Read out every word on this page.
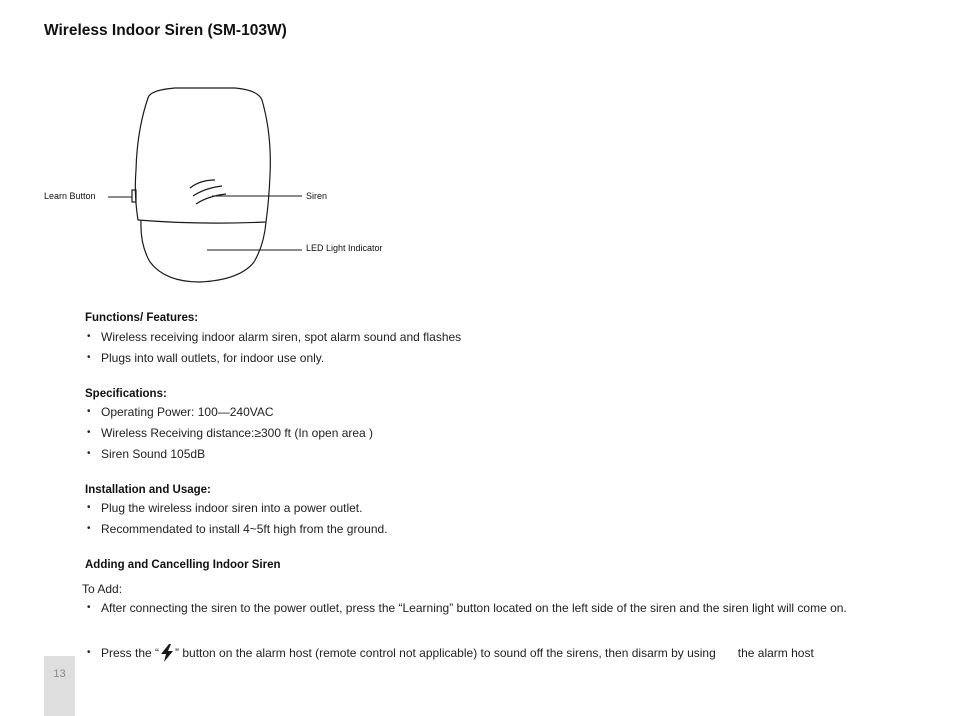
Wireless Indoor Siren (SM-103W)
Learn Button	Siren
LED Light Indicator
Functions/ Features:
• Wireless receiving indoor alarm siren, spot alarm sound and flashes
• Plugs into wall outlets, for indoor use only.
Specifications:
• Operating Power: 100—240VAC
• Wireless Receiving distance:≥300 ft (In open area )
• Siren Sound 105dB
Installation and Usage:
• Plug the wireless indoor siren into a power outlet.
• Recommendated to install 4~5ft high from the ground.
Adding and Cancelling Indoor Siren
To Add:
• After connecting the siren to the power outlet, press the “Learning” button located on the left side of the siren and the siren light will come on.
• Press the “ ” button on the alarm host (remote control not applicable) to sound off the sirens, then disarm by using the alarm host
13
